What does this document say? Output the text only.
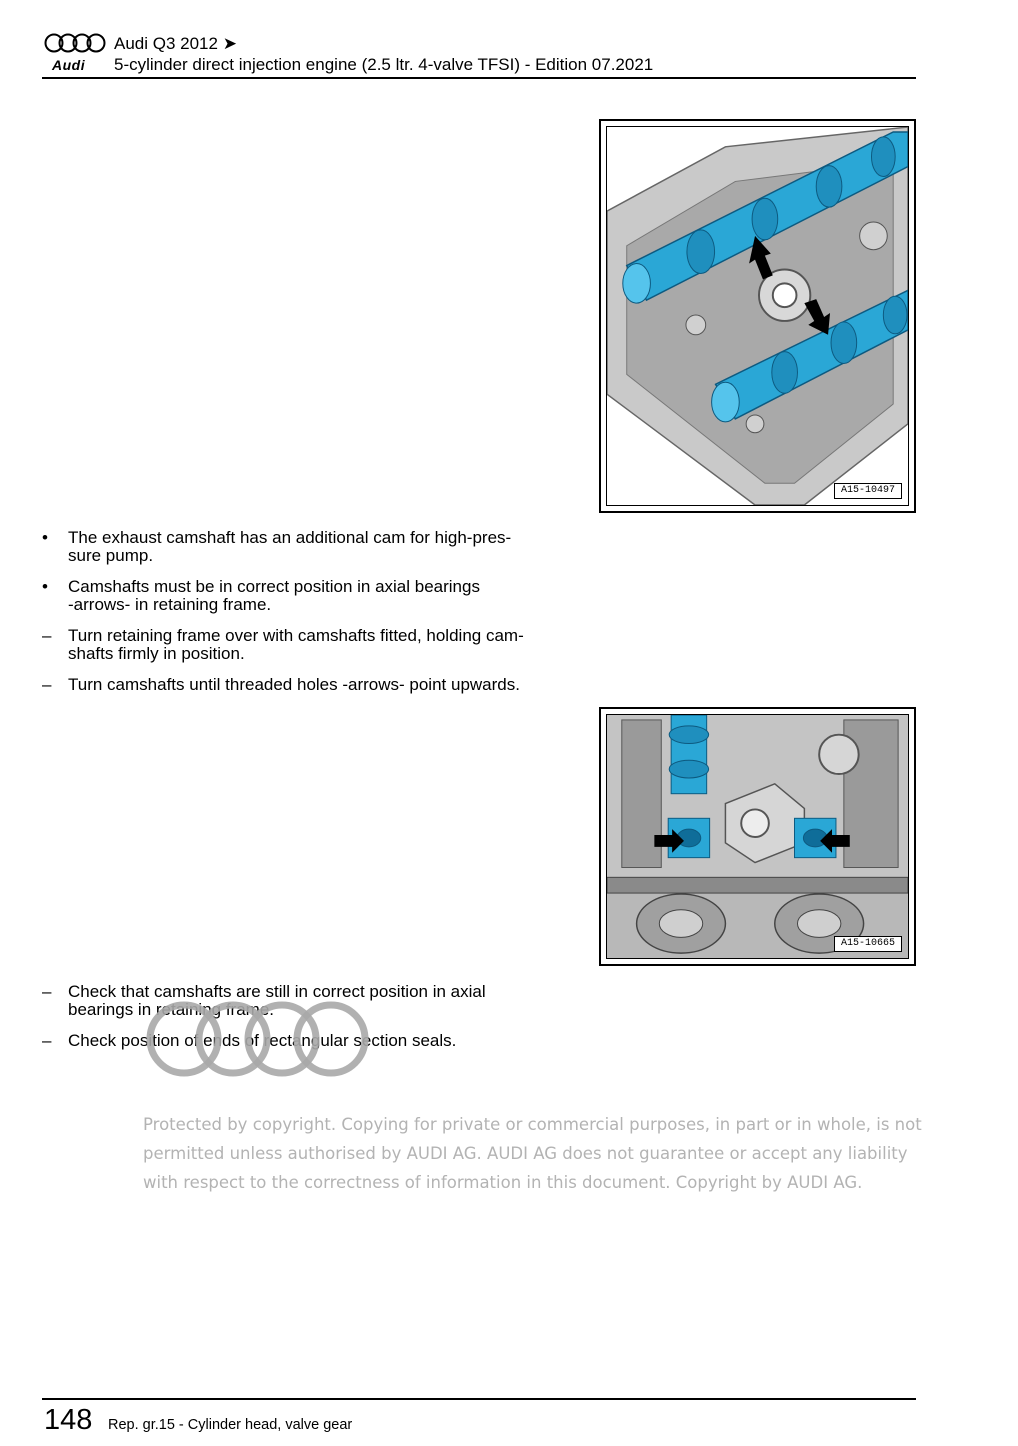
Audi
Audi Q3 2012 ➤
5-cylinder direct injection engine (2.5 ltr. 4-valve TFSI) - Edition 07.2021
A15-10497
•	The exhaust camshaft has an additional cam for high-pres-
sure pump.
•	Camshafts must be in correct position in axial bearings
-arrows- in retaining frame.
– Turn retaining frame over with camshafts fitted, holding cam-
shafts firmly in position.
– Turn camshafts until threaded holes -arrows- point upwards.
A15-10665
– Check that camshafts are still in correct position in axial
bearings in retaining frame.
– Check position of ends of rectangular section seals.
Protected by copyright. Copying for private or commercial purposes, in part or in whole, is not
permitted unless authorised by AUDI AG. AUDI AG does not guarantee or accept any liability
with respect to the correctness of information in this document. Copyright by AUDI AG.
148 Rep. gr.15 - Cylinder head, valve gear
